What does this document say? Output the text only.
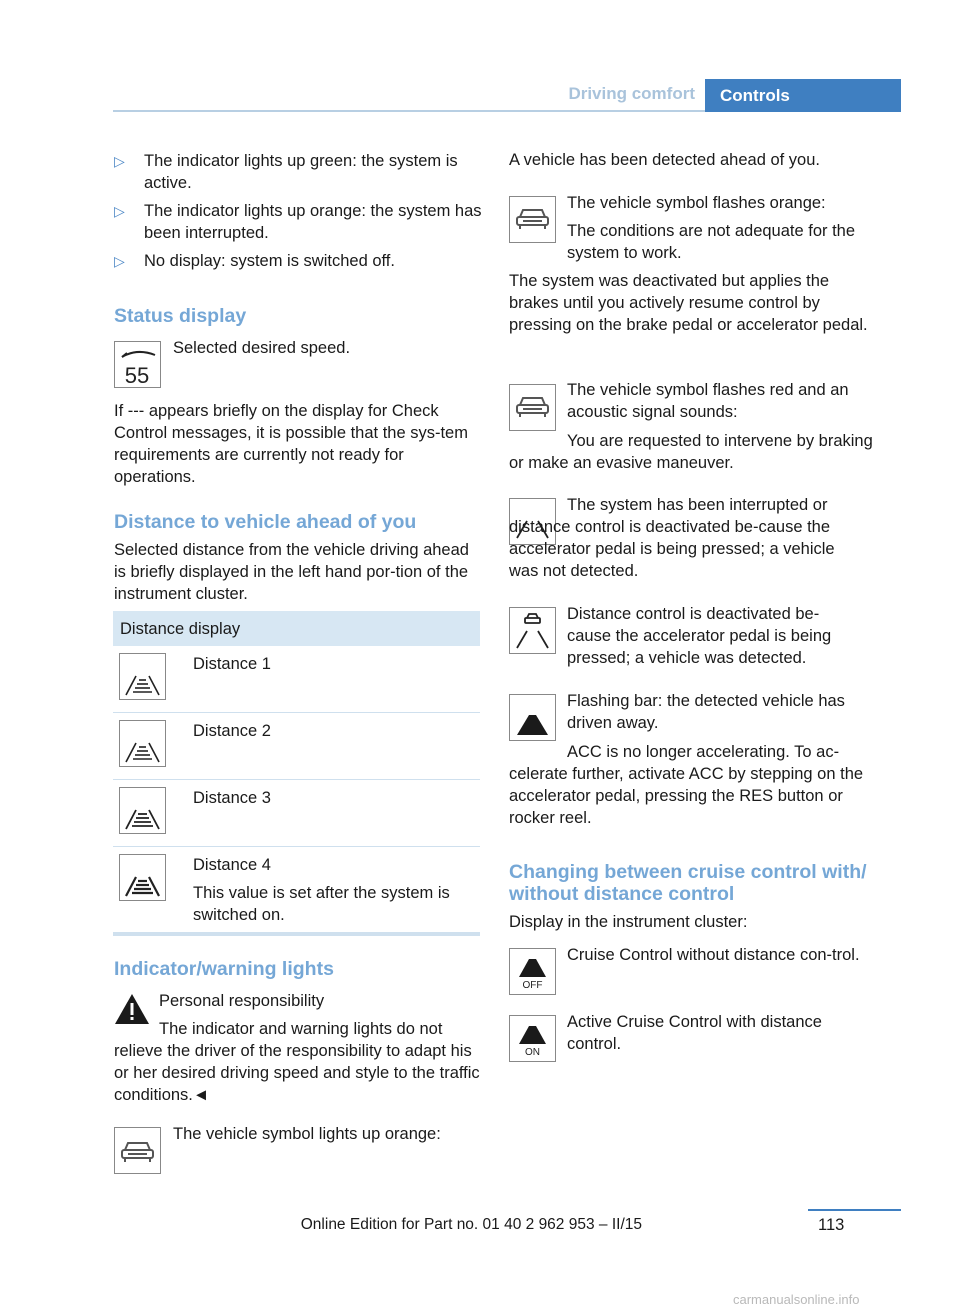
Driving comfort	Controls
▷ The indicator lights up green: the system is active.
▷ The indicator lights up orange: the system has been interrupted.
▷ No display: system is switched off.
Status display
55
Selected desired speed.
If --- appears briefly on the display for Check Control messages, it is possible that the sys-tem requirements are currently not ready for operations.
Distance to vehicle ahead of you
Selected distance from the vehicle driving ahead is briefly displayed in the left hand por-tion of the instrument cluster.
Distance display
Distance 1
Distance 2
Distance 3
Distance 4
This value is set after the system is switched on.
Indicator/warning lights
Personal responsibility
The indicator and warning lights do not relieve the driver of the responsibility to adapt his or her desired driving speed and style to the traffic conditions.◄
The vehicle symbol lights up orange:
A vehicle has been detected ahead of you.
The vehicle symbol flashes orange:
The conditions are not adequate for the system to work.
The system was deactivated but applies the brakes until you actively resume control by pressing on the brake pedal or accelerator pedal.
The vehicle symbol flashes red and an acoustic signal sounds:
You are requested to intervene by braking or make an evasive maneuver.
The system has been interrupted or distance control is deactivated be-cause the accelerator pedal is being pressed; a vehicle was not detected.
Distance control is deactivated be-cause the accelerator pedal is being pressed; a vehicle was detected.
Flashing bar: the detected vehicle has driven away.
ACC is no longer accelerating. To ac-celerate further, activate ACC by stepping on the accelerator pedal, pressing the RES button or rocker reel.
Changing between cruise control with/ without distance control
Display in the instrument cluster:
OFF
Cruise Control without distance con-trol.
ON
Active Cruise Control with distance control.
Online Edition for Part no. 01 40 2 962 953 – II/15	113
carmanualsonline.info
